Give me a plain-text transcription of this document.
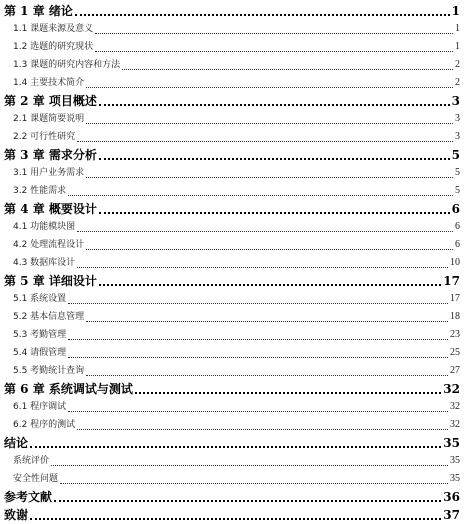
第 1 章 绪论	1
1.1 课题来源及意义	1
1.2 选题的研究现状	1
1.3 课题的研究内容和方法	2
1.4 主要技术简介	2
第 2 章 项目概述	3
2.1 课题简要说明	3
2.2 可行性研究	3
第 3 章 需求分析	5
3.1 用户业务需求	5
3.2 性能需求	5
第 4 章 概要设计	6
4.1 功能模块图	6
4.2 处理流程设计	6
4.3 数据库设计	10
第 5 章 详细设计	17
5.1 系统设置	17
5.2 基本信息管理	18
5.3 考勤管理	23
5.4 请假管理	25
5.5 考勤统计查询	27
第 6 章 系统调试与测试	32
6.1 程序调试	32
6.2 程序的测试	32
结论	35
系统评价	35
安全性问题	35
参考文献	36
致谢	37
